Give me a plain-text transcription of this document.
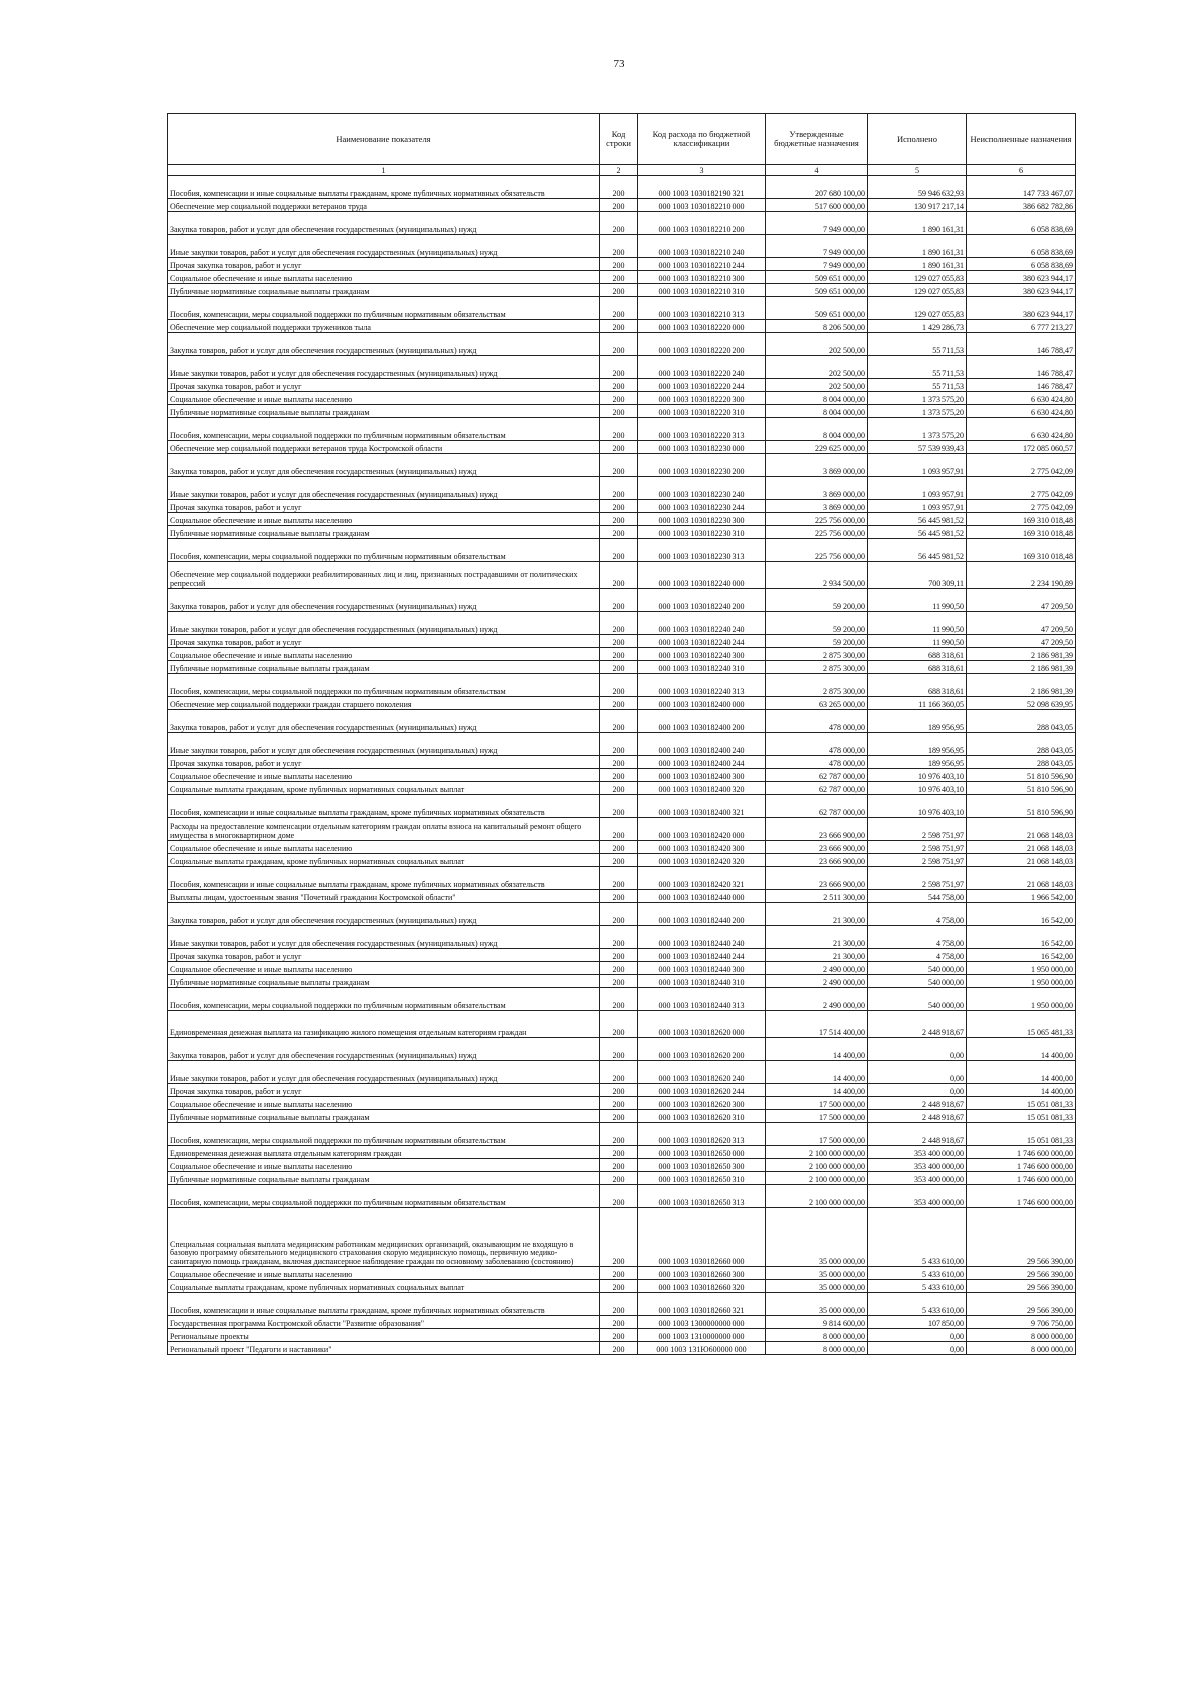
73
Наименование показателя	Код строки	Код расхода по бюджетной классификации	Утвержденные бюджетные назначения	Исполнено	Неисполненные назначения
1	2	3	4	5	6
Пособия, компенсации и иные социальные выплаты гражданам, кроме публичных нормативных обязательств	200	000 1003 1030182190 321	207 680 100,00	59 946 632,93	147 733 467,07
Обеспечение мер социальной поддержки ветеранов труда	200	000 1003 1030182210 000	517 600 000,00	130 917 217,14	386 682 782,86
Закупка товаров, работ и услуг для обеспечения государственных (муниципальных) нужд	200	000 1003 1030182210 200	7 949 000,00	1 890 161,31	6 058 838,69
Иные закупки товаров, работ и услуг для обеспечения государственных (муниципальных) нужд	200	000 1003 1030182210 240	7 949 000,00	1 890 161,31	6 058 838,69
Прочая закупка товаров, работ и услуг	200	000 1003 1030182210 244	7 949 000,00	1 890 161,31	6 058 838,69
Социальное обеспечение и иные выплаты населению	200	000 1003 1030182210 300	509 651 000,00	129 027 055,83	380 623 944,17
Публичные нормативные социальные выплаты гражданам	200	000 1003 1030182210 310	509 651 000,00	129 027 055,83	380 623 944,17
Пособия, компенсации, меры социальной поддержки по публичным нормативным обязательствам	200	000 1003 1030182210 313	509 651 000,00	129 027 055,83	380 623 944,17
Обеспечение мер социальной поддержки тружеников тыла	200	000 1003 1030182220 000	8 206 500,00	1 429 286,73	6 777 213,27
Закупка товаров, работ и услуг для обеспечения государственных (муниципальных) нужд	200	000 1003 1030182220 200	202 500,00	55 711,53	146 788,47
Иные закупки товаров, работ и услуг для обеспечения государственных (муниципальных) нужд	200	000 1003 1030182220 240	202 500,00	55 711,53	146 788,47
Прочая закупка товаров, работ и услуг	200	000 1003 1030182220 244	202 500,00	55 711,53	146 788,47
Социальное обеспечение и иные выплаты населению	200	000 1003 1030182220 300	8 004 000,00	1 373 575,20	6 630 424,80
Публичные нормативные социальные выплаты гражданам	200	000 1003 1030182220 310	8 004 000,00	1 373 575,20	6 630 424,80
Пособия, компенсации, меры социальной поддержки по публичным нормативным обязательствам	200	000 1003 1030182220 313	8 004 000,00	1 373 575,20	6 630 424,80
Обеспечение мер социальной поддержки ветеранов труда Костромской области	200	000 1003 1030182230 000	229 625 000,00	57 539 939,43	172 085 060,57
Закупка товаров, работ и услуг для обеспечения государственных (муниципальных) нужд	200	000 1003 1030182230 200	3 869 000,00	1 093 957,91	2 775 042,09
Иные закупки товаров, работ и услуг для обеспечения государственных (муниципальных) нужд	200	000 1003 1030182230 240	3 869 000,00	1 093 957,91	2 775 042,09
Прочая закупка товаров, работ и услуг	200	000 1003 1030182230 244	3 869 000,00	1 093 957,91	2 775 042,09
Социальное обеспечение и иные выплаты населению	200	000 1003 1030182230 300	225 756 000,00	56 445 981,52	169 310 018,48
Публичные нормативные социальные выплаты гражданам	200	000 1003 1030182230 310	225 756 000,00	56 445 981,52	169 310 018,48
Пособия, компенсации, меры социальной поддержки по публичным нормативным обязательствам	200	000 1003 1030182230 313	225 756 000,00	56 445 981,52	169 310 018,48
Обеспечение мер социальной поддержки реабилитированных лиц и лиц, признанных пострадавшими от политических репрессий	200	000 1003 1030182240 000	2 934 500,00	700 309,11	2 234 190,89
Закупка товаров, работ и услуг для обеспечения государственных (муниципальных) нужд	200	000 1003 1030182240 200	59 200,00	11 990,50	47 209,50
Иные закупки товаров, работ и услуг для обеспечения государственных (муниципальных) нужд	200	000 1003 1030182240 240	59 200,00	11 990,50	47 209,50
Прочая закупка товаров, работ и услуг	200	000 1003 1030182240 244	59 200,00	11 990,50	47 209,50
Социальное обеспечение и иные выплаты населению	200	000 1003 1030182240 300	2 875 300,00	688 318,61	2 186 981,39
Публичные нормативные социальные выплаты гражданам	200	000 1003 1030182240 310	2 875 300,00	688 318,61	2 186 981,39
Пособия, компенсации, меры социальной поддержки по публичным нормативным обязательствам	200	000 1003 1030182240 313	2 875 300,00	688 318,61	2 186 981,39
Обеспечение мер социальной поддержки граждан старшего поколения	200	000 1003 1030182400 000	63 265 000,00	11 166 360,05	52 098 639,95
Закупка товаров, работ и услуг для обеспечения государственных (муниципальных) нужд	200	000 1003 1030182400 200	478 000,00	189 956,95	288 043,05
Иные закупки товаров, работ и услуг для обеспечения государственных (муниципальных) нужд	200	000 1003 1030182400 240	478 000,00	189 956,95	288 043,05
Прочая закупка товаров, работ и услуг	200	000 1003 1030182400 244	478 000,00	189 956,95	288 043,05
Социальное обеспечение и иные выплаты населению	200	000 1003 1030182400 300	62 787 000,00	10 976 403,10	51 810 596,90
Социальные выплаты гражданам, кроме публичных нормативных социальных выплат	200	000 1003 1030182400 320	62 787 000,00	10 976 403,10	51 810 596,90
Пособия, компенсации и иные социальные выплаты гражданам, кроме публичных нормативных обязательств	200	000 1003 1030182400 321	62 787 000,00	10 976 403,10	51 810 596,90
Расходы на предоставление компенсации отдельным категориям граждан оплаты взноса на капитальный ремонт общего имущества в многоквартирном доме	200	000 1003 1030182420 000	23 666 900,00	2 598 751,97	21 068 148,03
Социальное обеспечение и иные выплаты населению	200	000 1003 1030182420 300	23 666 900,00	2 598 751,97	21 068 148,03
Социальные выплаты гражданам, кроме публичных нормативных социальных выплат	200	000 1003 1030182420 320	23 666 900,00	2 598 751,97	21 068 148,03
Пособия, компенсации и иные социальные выплаты гражданам, кроме публичных нормативных обязательств	200	000 1003 1030182420 321	23 666 900,00	2 598 751,97	21 068 148,03
Выплаты лицам, удостоенным звания "Почетный гражданин Костромской области"	200	000 1003 1030182440 000	2 511 300,00	544 758,00	1 966 542,00
Закупка товаров, работ и услуг для обеспечения государственных (муниципальных) нужд	200	000 1003 1030182440 200	21 300,00	4 758,00	16 542,00
Иные закупки товаров, работ и услуг для обеспечения государственных (муниципальных) нужд	200	000 1003 1030182440 240	21 300,00	4 758,00	16 542,00
Прочая закупка товаров, работ и услуг	200	000 1003 1030182440 244	21 300,00	4 758,00	16 542,00
Социальное обеспечение и иные выплаты населению	200	000 1003 1030182440 300	2 490 000,00	540 000,00	1 950 000,00
Публичные нормативные социальные выплаты гражданам	200	000 1003 1030182440 310	2 490 000,00	540 000,00	1 950 000,00
Пособия, компенсации, меры социальной поддержки по публичным нормативным обязательствам	200	000 1003 1030182440 313	2 490 000,00	540 000,00	1 950 000,00
Единовременная денежная выплата на газификацию жилого помещения отдельным категориям граждан	200	000 1003 1030182620 000	17 514 400,00	2 448 918,67	15 065 481,33
Закупка товаров, работ и услуг для обеспечения государственных (муниципальных) нужд	200	000 1003 1030182620 200	14 400,00	0,00	14 400,00
Иные закупки товаров, работ и услуг для обеспечения государственных (муниципальных) нужд	200	000 1003 1030182620 240	14 400,00	0,00	14 400,00
Прочая закупка товаров, работ и услуг	200	000 1003 1030182620 244	14 400,00	0,00	14 400,00
Социальное обеспечение и иные выплаты населению	200	000 1003 1030182620 300	17 500 000,00	2 448 918,67	15 051 081,33
Публичные нормативные социальные выплаты гражданам	200	000 1003 1030182620 310	17 500 000,00	2 448 918,67	15 051 081,33
Пособия, компенсации, меры социальной поддержки по публичным нормативным обязательствам	200	000 1003 1030182620 313	17 500 000,00	2 448 918,67	15 051 081,33
Единовременная денежная выплата отдельным категориям граждан	200	000 1003 1030182650 000	2 100 000 000,00	353 400 000,00	1 746 600 000,00
Социальное обеспечение и иные выплаты населению	200	000 1003 1030182650 300	2 100 000 000,00	353 400 000,00	1 746 600 000,00
Публичные нормативные социальные выплаты гражданам	200	000 1003 1030182650 310	2 100 000 000,00	353 400 000,00	1 746 600 000,00
Пособия, компенсации, меры социальной поддержки по публичным нормативным обязательствам	200	000 1003 1030182650 313	2 100 000 000,00	353 400 000,00	1 746 600 000,00
Специальная социальная выплата медицинским работникам медицинских организаций, оказывающим не входящую в базовую программу обязательного медицинского страхования скорую медицинскую помощь, первичную медико-санитарную помощь гражданам, включая диспансерное наблюдение граждан по основному заболеванию (состоянию)	200	000 1003 1030182660 000	35 000 000,00	5 433 610,00	29 566 390,00
Социальное обеспечение и иные выплаты населению	200	000 1003 1030182660 300	35 000 000,00	5 433 610,00	29 566 390,00
Социальные выплаты гражданам, кроме публичных нормативных социальных выплат	200	000 1003 1030182660 320	35 000 000,00	5 433 610,00	29 566 390,00
Пособия, компенсации и иные социальные выплаты гражданам, кроме публичных нормативных обязательств	200	000 1003 1030182660 321	35 000 000,00	5 433 610,00	29 566 390,00
Государственная программа Костромской области "Развитие образования"	200	000 1003 1300000000 000	9 814 600,00	107 850,00	9 706 750,00
Региональные проекты	200	000 1003 1310000000 000	8 000 000,00	0,00	8 000 000,00
Региональный проект "Педагоги и наставники"	200	000 1003 131Ю600000 000	8 000 000,00	0,00	8 000 000,00
